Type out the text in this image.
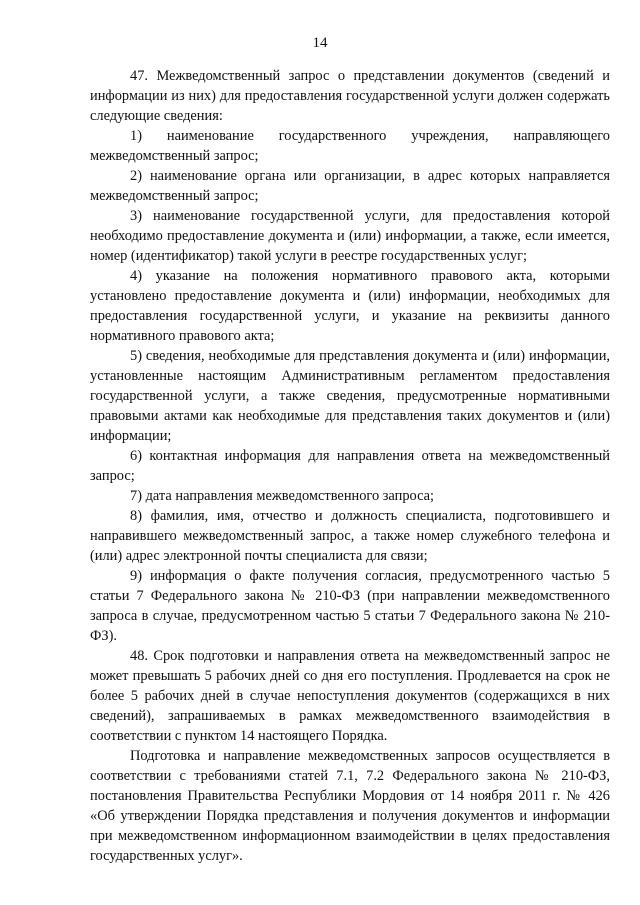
14

47. Межведомственный запрос о представлении документов (сведений и информации из них) для предоставления государственной услуги должен содержать следующие сведения:

1) наименование государственного учреждения, направляющего межведомственный запрос;

2) наименование органа или организации, в адрес которых направляется межведомственный запрос;

3) наименование государственной услуги, для предоставления которой необходимо предоставление документа и (или) информации, а также, если имеется, номер (идентификатор) такой услуги в реестре государственных услуг;

4) указание на положения нормативного правового акта, которыми установлено предоставление документа и (или) информации, необходимых для предоставления государственной услуги, и указание на реквизиты данного нормативного правового акта;

5) сведения, необходимые для представления документа и (или) информации, установленные настоящим Административным регламентом предоставления государственной услуги, а также сведения, предусмотренные нормативными правовыми актами как необходимые для представления таких документов и (или) информации;

6) контактная информация для направления ответа на межведомственный запрос;

7) дата направления межведомственного запроса;

8) фамилия, имя, отчество и должность специалиста, подготовившего и направившего межведомственный запрос, а также номер служебного телефона и (или) адрес электронной почты специалиста для связи;

9) информация о факте получения согласия, предусмотренного частью 5 статьи 7 Федерального закона № 210-ФЗ (при направлении межведомственного запроса в случае, предусмотренном частью 5 статьи 7 Федерального закона № 210-ФЗ).

48. Срок подготовки и направления ответа на межведомственный запрос не может превышать 5 рабочих дней со дня его поступления. Продлевается на срок не более 5 рабочих дней в случае непоступления документов (содержащихся в них сведений), запрашиваемых в рамках межведомственного взаимодействия в соответствии с пунктом 14 настоящего Порядка.

Подготовка и направление межведомственных запросов осуществляется в соответствии с требованиями статей 7.1, 7.2 Федерального закона № 210-ФЗ, постановления Правительства Республики Мордовия от 14 ноября 2011 г. № 426 «Об утверждении Порядка представления и получения документов и информации при межведомственном информационном взаимодействии в целях предоставления государственных услуг».
